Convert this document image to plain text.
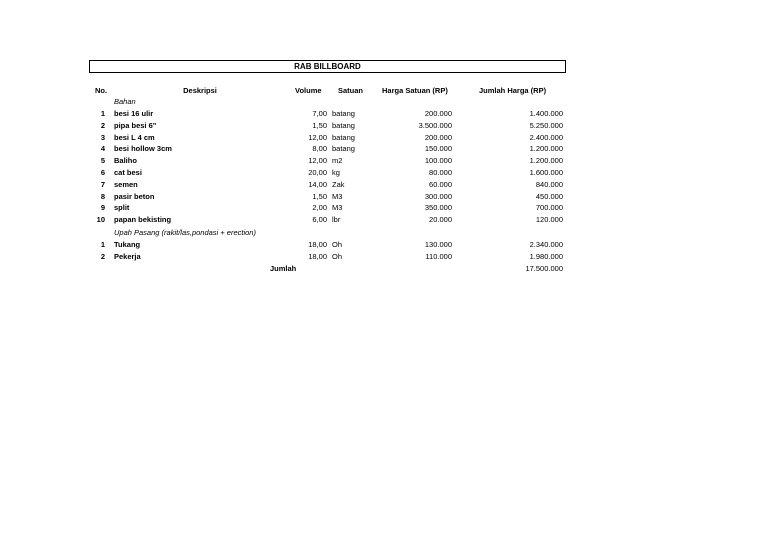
RAB BILLBOARD
No.	Deskripsi	Volume Satuan	Harga Satuan (RP)	Jumlah Harga (RP)
Bahan
1 besi 16 ulir	7,00 batang	200.000	1.400.000
2 pipa besi 6"	1,50 batang	3.500.000	5.250.000
3 besi L 4 cm	12,00 batang	200.000	2.400.000
4 besi hollow 3cm	8,00 batang	150.000	1.200.000
5 Baliho	12,00 m2	100.000	1.200.000
6 cat besi	20,00 kg	80.000	1.600.000
7 semen	14,00 Zak	60.000	840.000
8 pasir beton	1,50 M3	300.000	450.000
9 split	2,00 M3	350.000	700.000
10 papan bekisting	6,00 lbr	20.000	120.000
Upah Pasang (rakit/las,pondasi + erection)
1 Tukang	18,00 Oh	130.000	2.340.000
2 Pekerja	18,00 Oh	110.000	1.980.000
Jumlah	17.500.000
